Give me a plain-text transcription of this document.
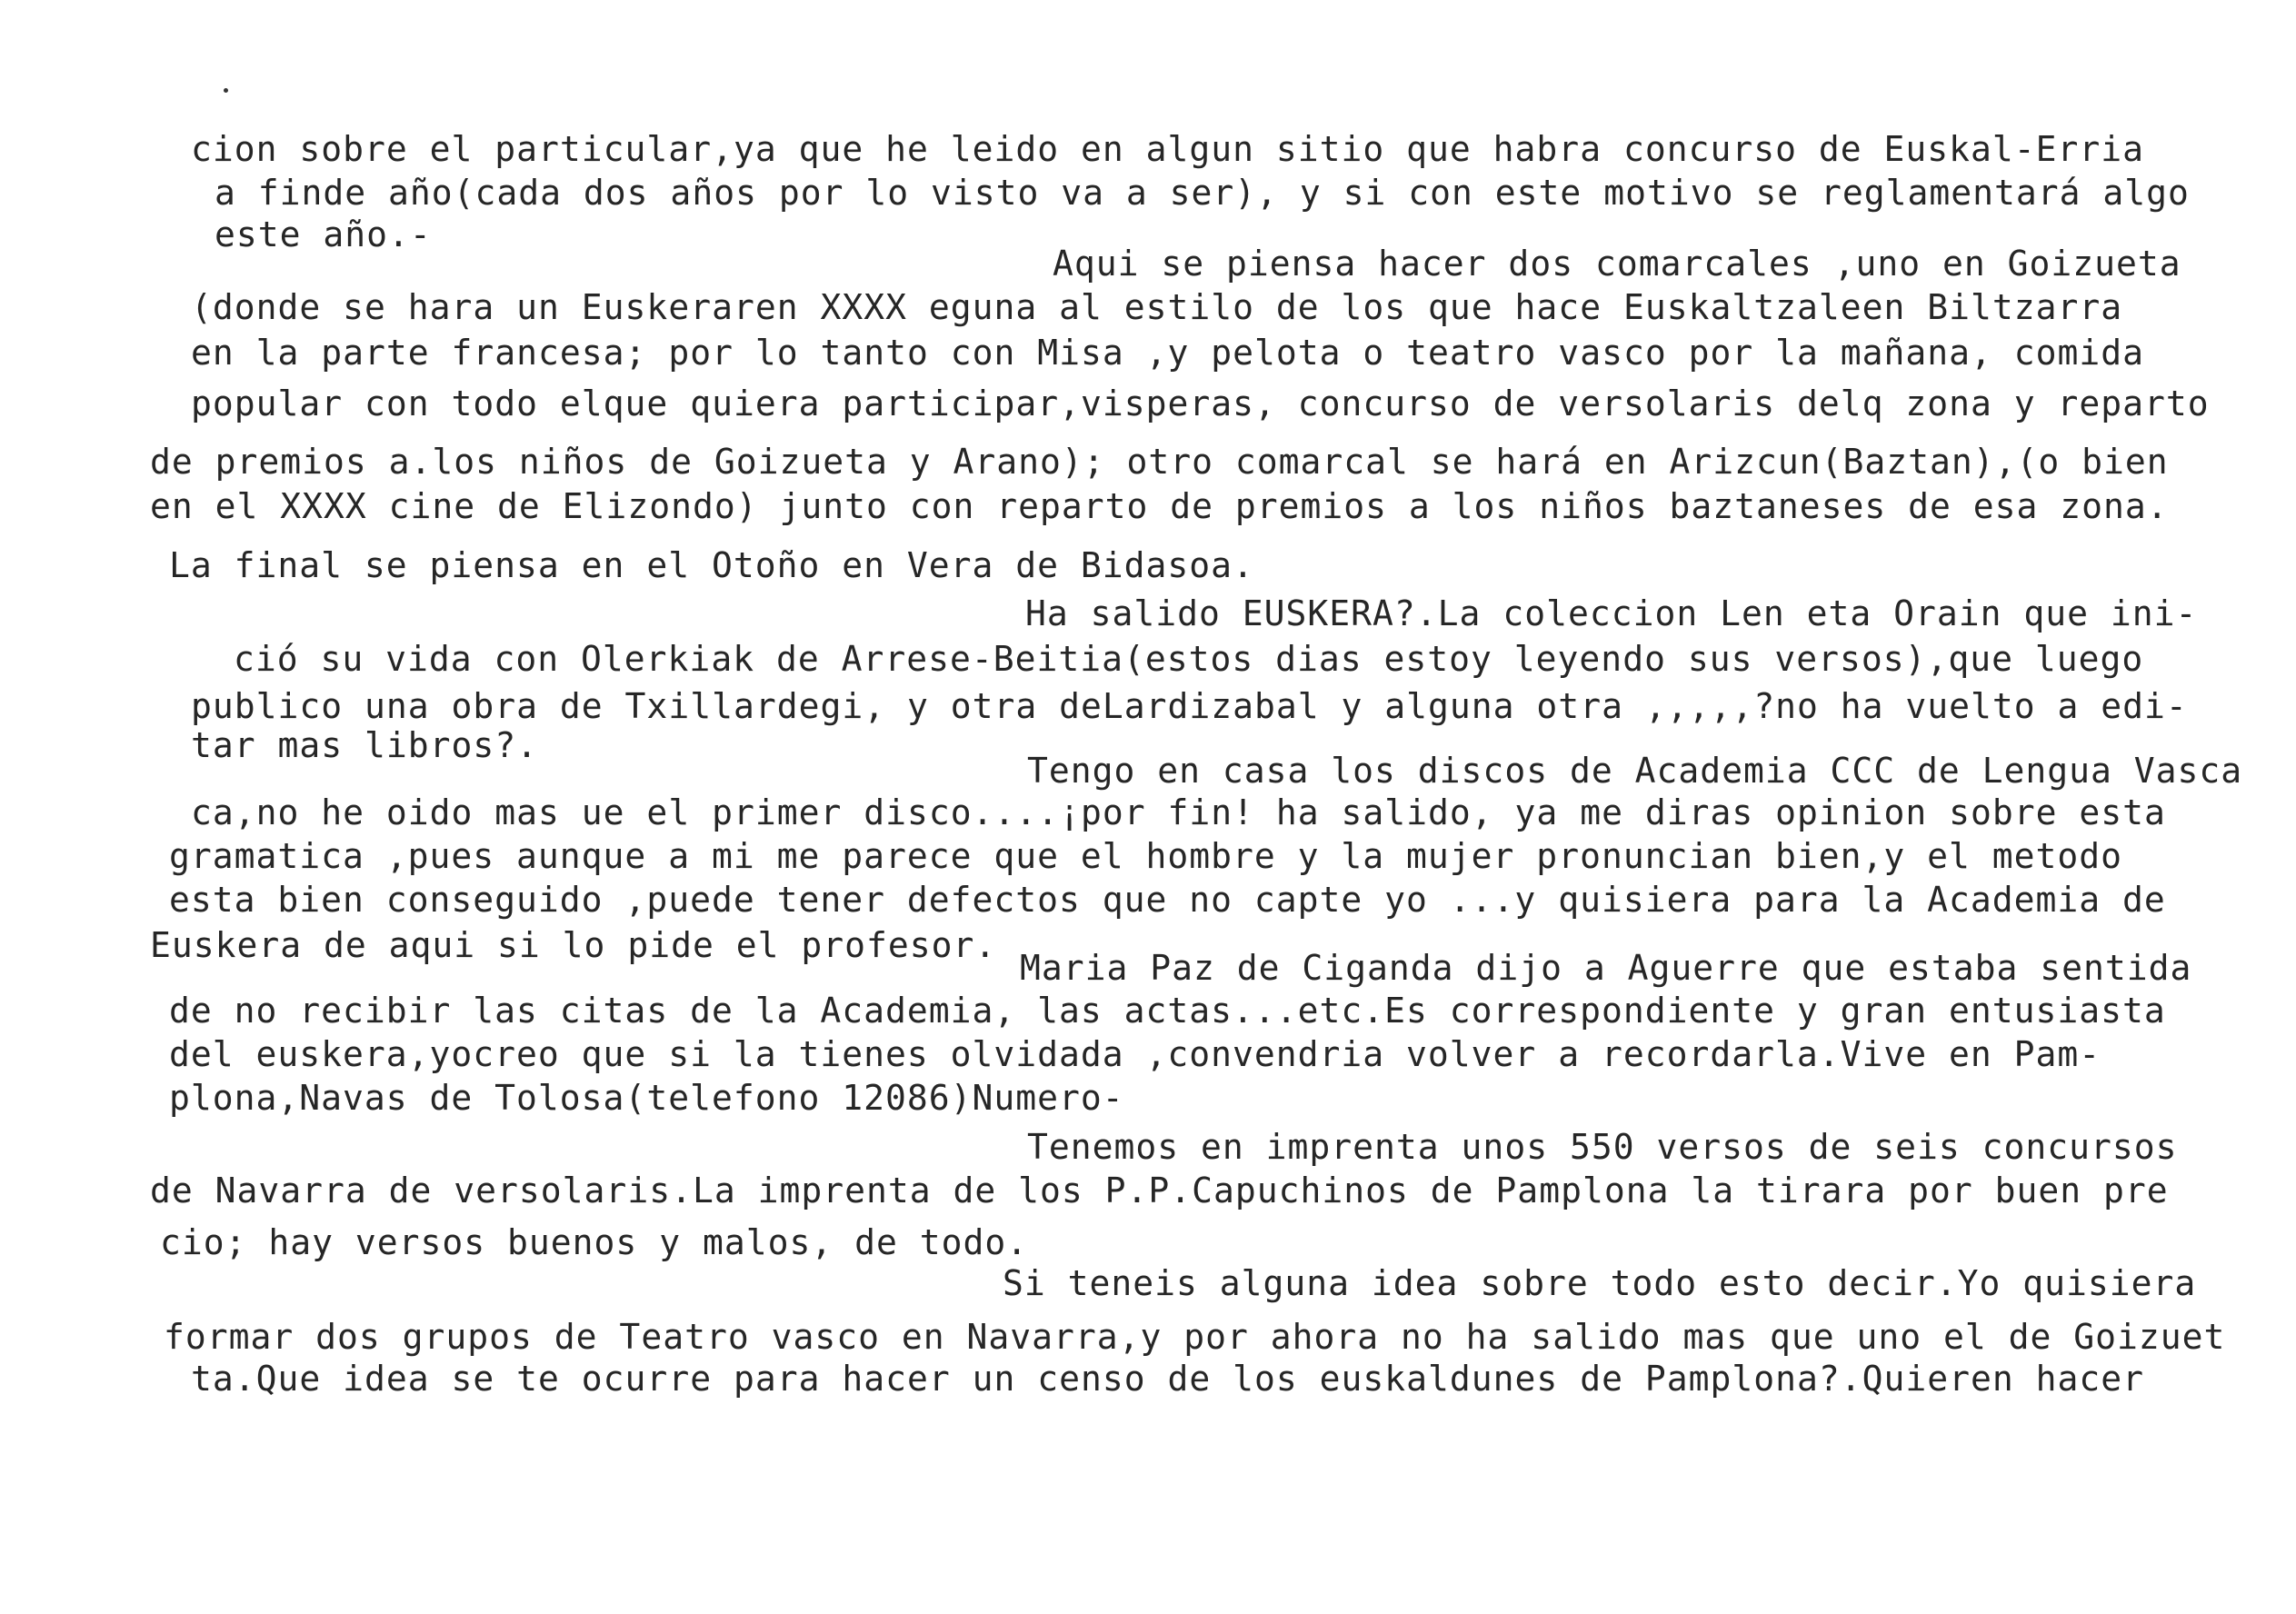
cion sobre el particular,ya que he leido en algun sitio que habra concurso de Euskal-Erria
a finde año(cada dos años por lo visto va a ser), y si con este motivo se reglamentará algo
este año.-
Aqui se piensa hacer dos comarcales ,uno en Goizueta
(donde se hara un Euskeraren XXXX eguna al estilo de los que hace Euskaltzaleen Biltzarra
en la parte francesa; por lo tanto con Misa ,y pelota o teatro vasco por la mañana, comida
popular con todo elque quiera participar,visperas, concurso de versolaris delq zona y reparto
de premios a.los niños de Goizueta y Arano); otro comarcal se hará en Arizcun(Baztan),(o bien
en el XXXX cine de Elizondo) junto con reparto de premios a los niños baztaneses de esa zona.
La final se piensa en el Otoño en Vera de Bidasoa.
Ha salido EUSKERA?.La coleccion Len eta Orain que ini-
ció su vida con Olerkiak de Arrese-Beitia(estos dias estoy leyendo sus versos),que luego
publico una obra de Txillardegi, y otra deLardizabal y alguna otra ,,,,,?no ha vuelto a edi-
tar mas libros?.
Tengo en casa los discos de Academia CCC de Lengua Vasca
ca,no he oido mas ue el primer disco....¡por fin! ha salido, ya me diras opinion sobre esta
gramatica ,pues aunque a mi me parece que el hombre y la mujer pronuncian bien,y el metodo
esta bien conseguido ,puede tener defectos que no capte yo ...y quisiera para la Academia de
Euskera de aqui si lo pide el profesor.
Maria Paz de Ciganda dijo a Aguerre que estaba sentida
de no recibir las citas de la Academia, las actas...etc.Es correspondiente y gran entusiasta
del euskera,yocreo que si la tienes olvidada ,convendria volver a recordarla.Vive en Pam-
plona,Navas de Tolosa(telefono 12086)Numero-
Tenemos en imprenta unos 550 versos de seis concursos
de Navarra de versolaris.La imprenta de los P.P.Capuchinos de Pamplona la tirara por buen pre
cio; hay versos buenos y malos, de todo.
Si teneis alguna idea sobre todo esto decir.Yo quisiera
formar dos grupos de Teatro vasco en Navarra,y por ahora no ha salido mas que uno el de Goizuet
ta.Que idea se te ocurre para hacer un censo de los euskaldunes de Pamplona?.Quieren hacer
